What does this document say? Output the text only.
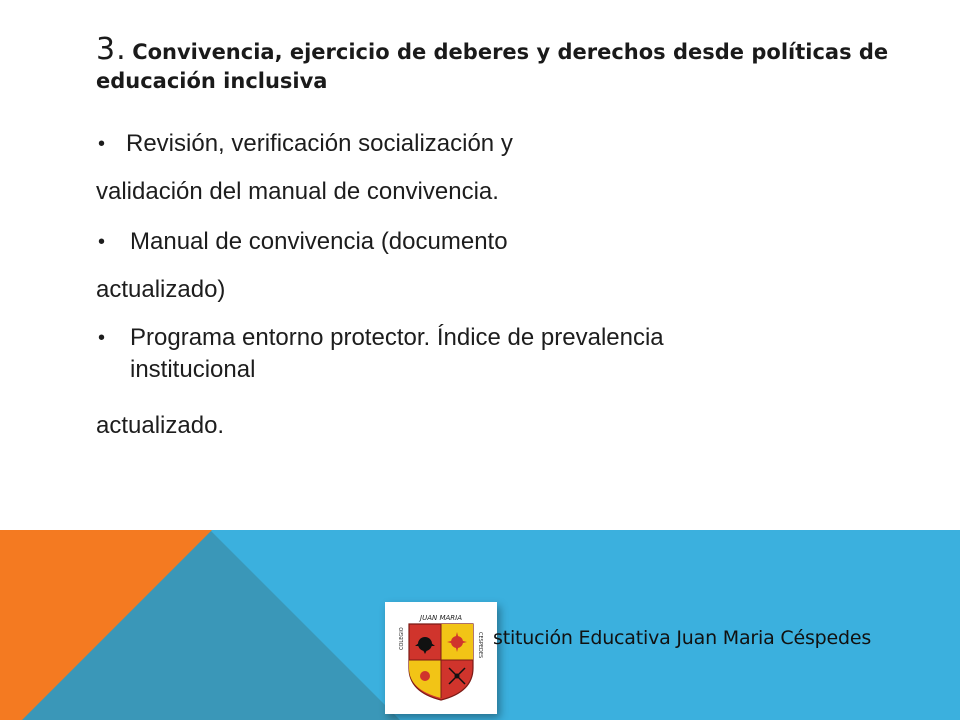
3. Convivencia, ejercicio de deberes y derechos desde políticas de educación inclusiva
• Revisión, verificación socialización y
validación del manual de convivencia.
• Manual de convivencia (documento
actualizado)
• Programa entorno protector. Índice de prevalencia
institucional
actualizado.
JUAN MARIA
COLEGIO	CESPEDES stitución Educativa Juan Maria Céspedes
